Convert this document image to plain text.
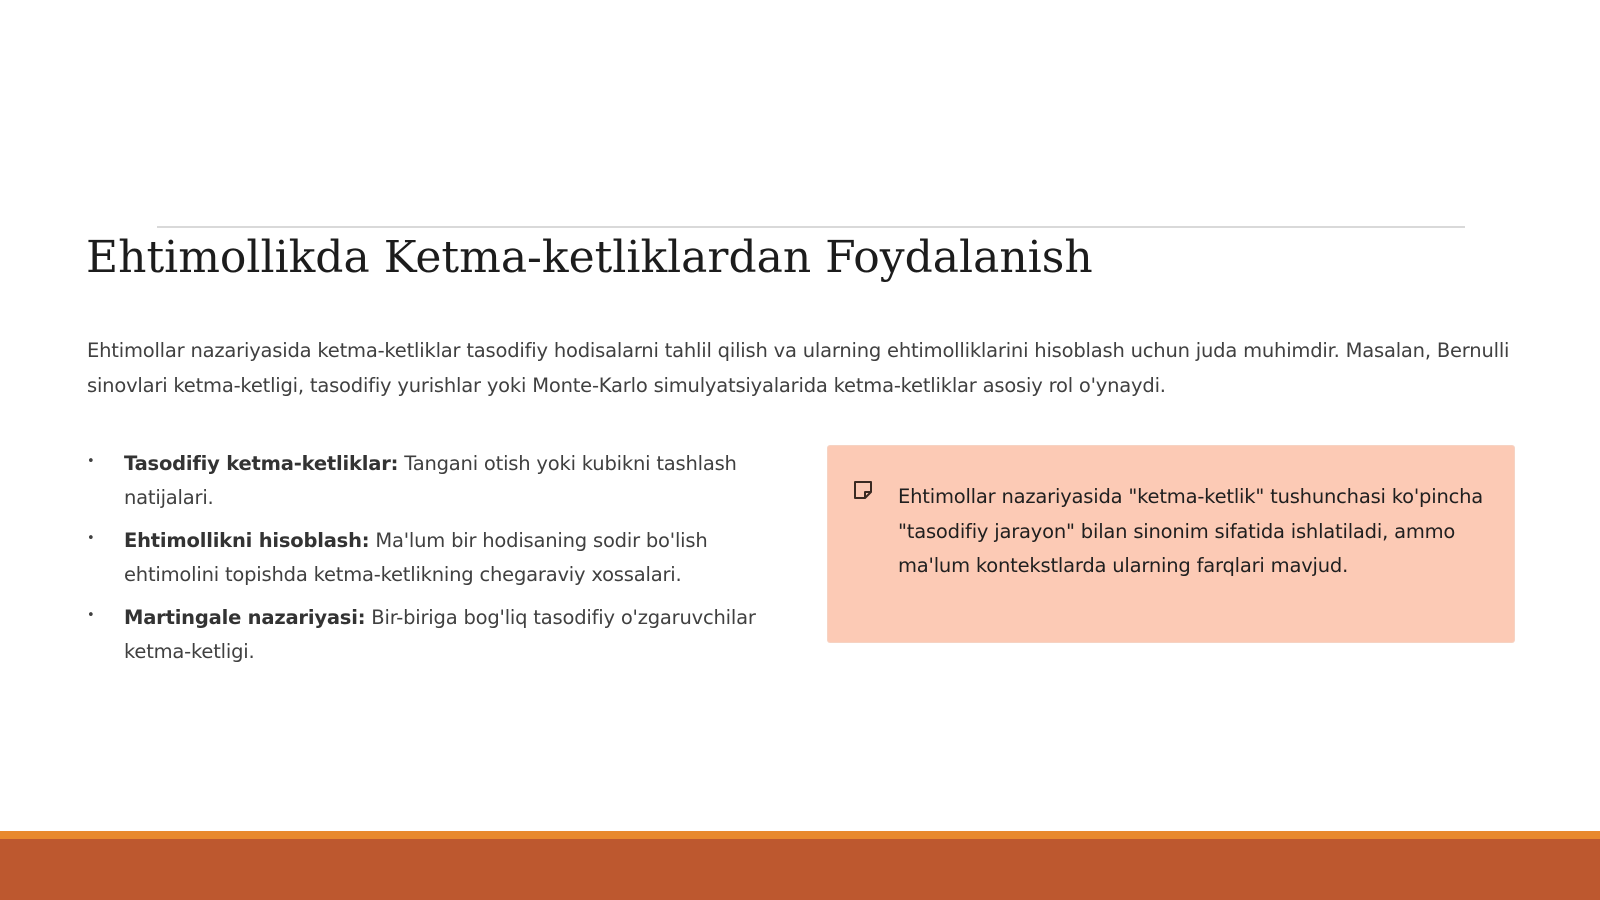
Ehtimollikda Ketma-ketliklardan Foydalanish

Ehtimollar nazariyasida ketma-ketliklar tasodifiy hodisalarni tahlil qilish va ularning ehtimolliklarini hisoblash uchun juda muhimdir. Masalan, Bernulli sinovlari ketma-ketligi, tasodifiy yurishlar yoki Monte-Karlo simulyatsiyalarida ketma-ketliklar asosiy rol o'ynaydi.

• Tasodifiy ketma-ketliklar: Tangani otish yoki kubikni tashlash natijalari.
• Ehtimollikni hisoblash: Ma'lum bir hodisaning sodir bo'lish ehtimolini topishda ketma-ketlikning chegaraviy xossalari.
• Martingale nazariyasi: Bir-biriga bog'liq tasodifiy o'zgaruvchilar ketma-ketligi.

Ehtimollar nazariyasida "ketma-ketlik" tushunchasi ko'pincha "tasodifiy jarayon" bilan sinonim sifatida ishlatiladi, ammo ma'lum kontekstlarda ularning farqlari mavjud.
